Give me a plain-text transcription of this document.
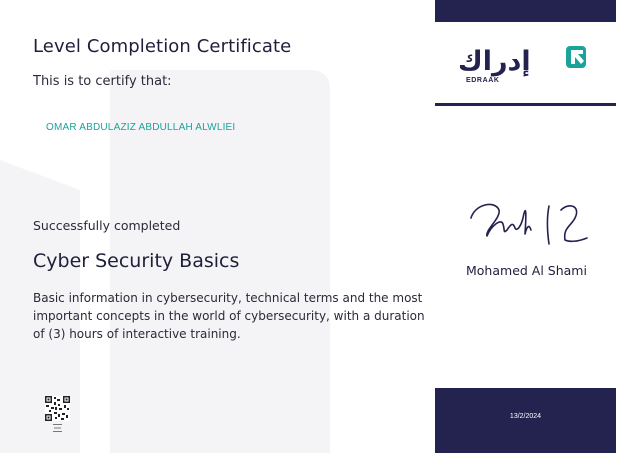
Level Completion Certificate
This is to certify that:
OMAR ABDULAZIZ ABDULLAH ALWLIEI
Successfully completed
Cyber Security Basics
Basic information in cybersecurity, technical terms and the most important concepts in the world of cybersecurity, with a duration of (3) hours of interactive training.
إدراك
EDRAAK
Mohamed Al Shami
13/2/2024
